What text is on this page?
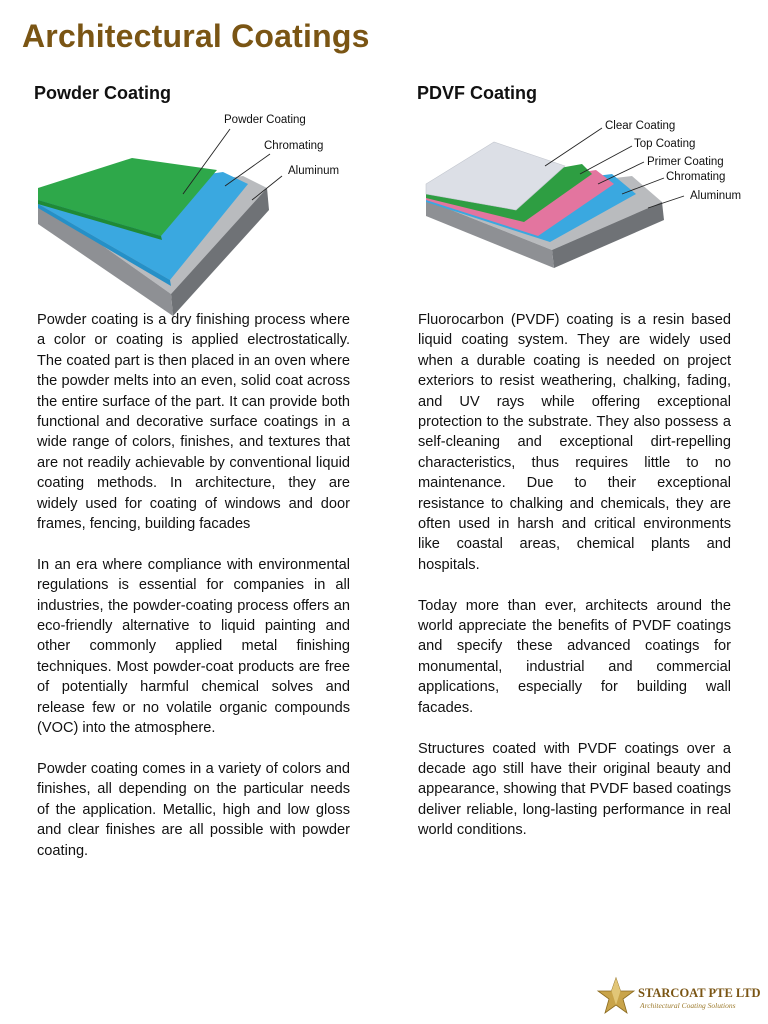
Architectural Coatings
Powder Coating
Powder Coating
Chromating
Aluminum

Powder coating is a dry finishing process where a color or coating is applied electrostatically. The coated part is then placed in an oven where the powder melts into an even, solid coat across the entire surface of the part. It can provide both functional and decorative surface coatings in a wide range of colors, finishes, and textures that are not readily achievable by conventional liquid coating methods. In architecture, they are widely used for coating of windows and door frames, fencing, building facades

In an era where compliance with environmental regulations is essential for companies in all industries, the powder-coating process offers an eco-friendly alternative to liquid painting and other commonly applied metal finishing techniques. Most powder-coat products are free of potentially harmful chemical solves and release few or no volatile organic compounds (VOC) into the atmosphere.

Powder coating comes in a variety of colors and finishes, all depending on the particular needs of the application. Metallic, high and low gloss and clear finishes are all possible with powder coating.

PDVF Coating
Clear Coating
Top Coating
Primer Coating
Chromating
Aluminum

Fluorocarbon (PVDF) coating is a resin based liquid coating system. They are widely used when a durable coating is needed on project exteriors to resist weathering, chalking, fading, and UV rays while offering exceptional protection to the substrate. They also possess a self-cleaning and exceptional dirt-repelling characteristics, thus requires little to no maintenance. Due to their exceptional resistance to chalking and chemicals, they are often used in harsh and critical environments like coastal areas, chemical plants and hospitals.

Today more than ever, architects around the world appreciate the benefits of PVDF coatings and specify these advanced coatings for monumental, industrial and commercial applications, especially for building wall facades.

Structures coated with PVDF coatings over a decade ago still have their original beauty and appearance, showing that PVDF based coatings deliver reliable, long-lasting performance in real world conditions.

STARCOAT PTE LTD
Architectural Coating Solutions
